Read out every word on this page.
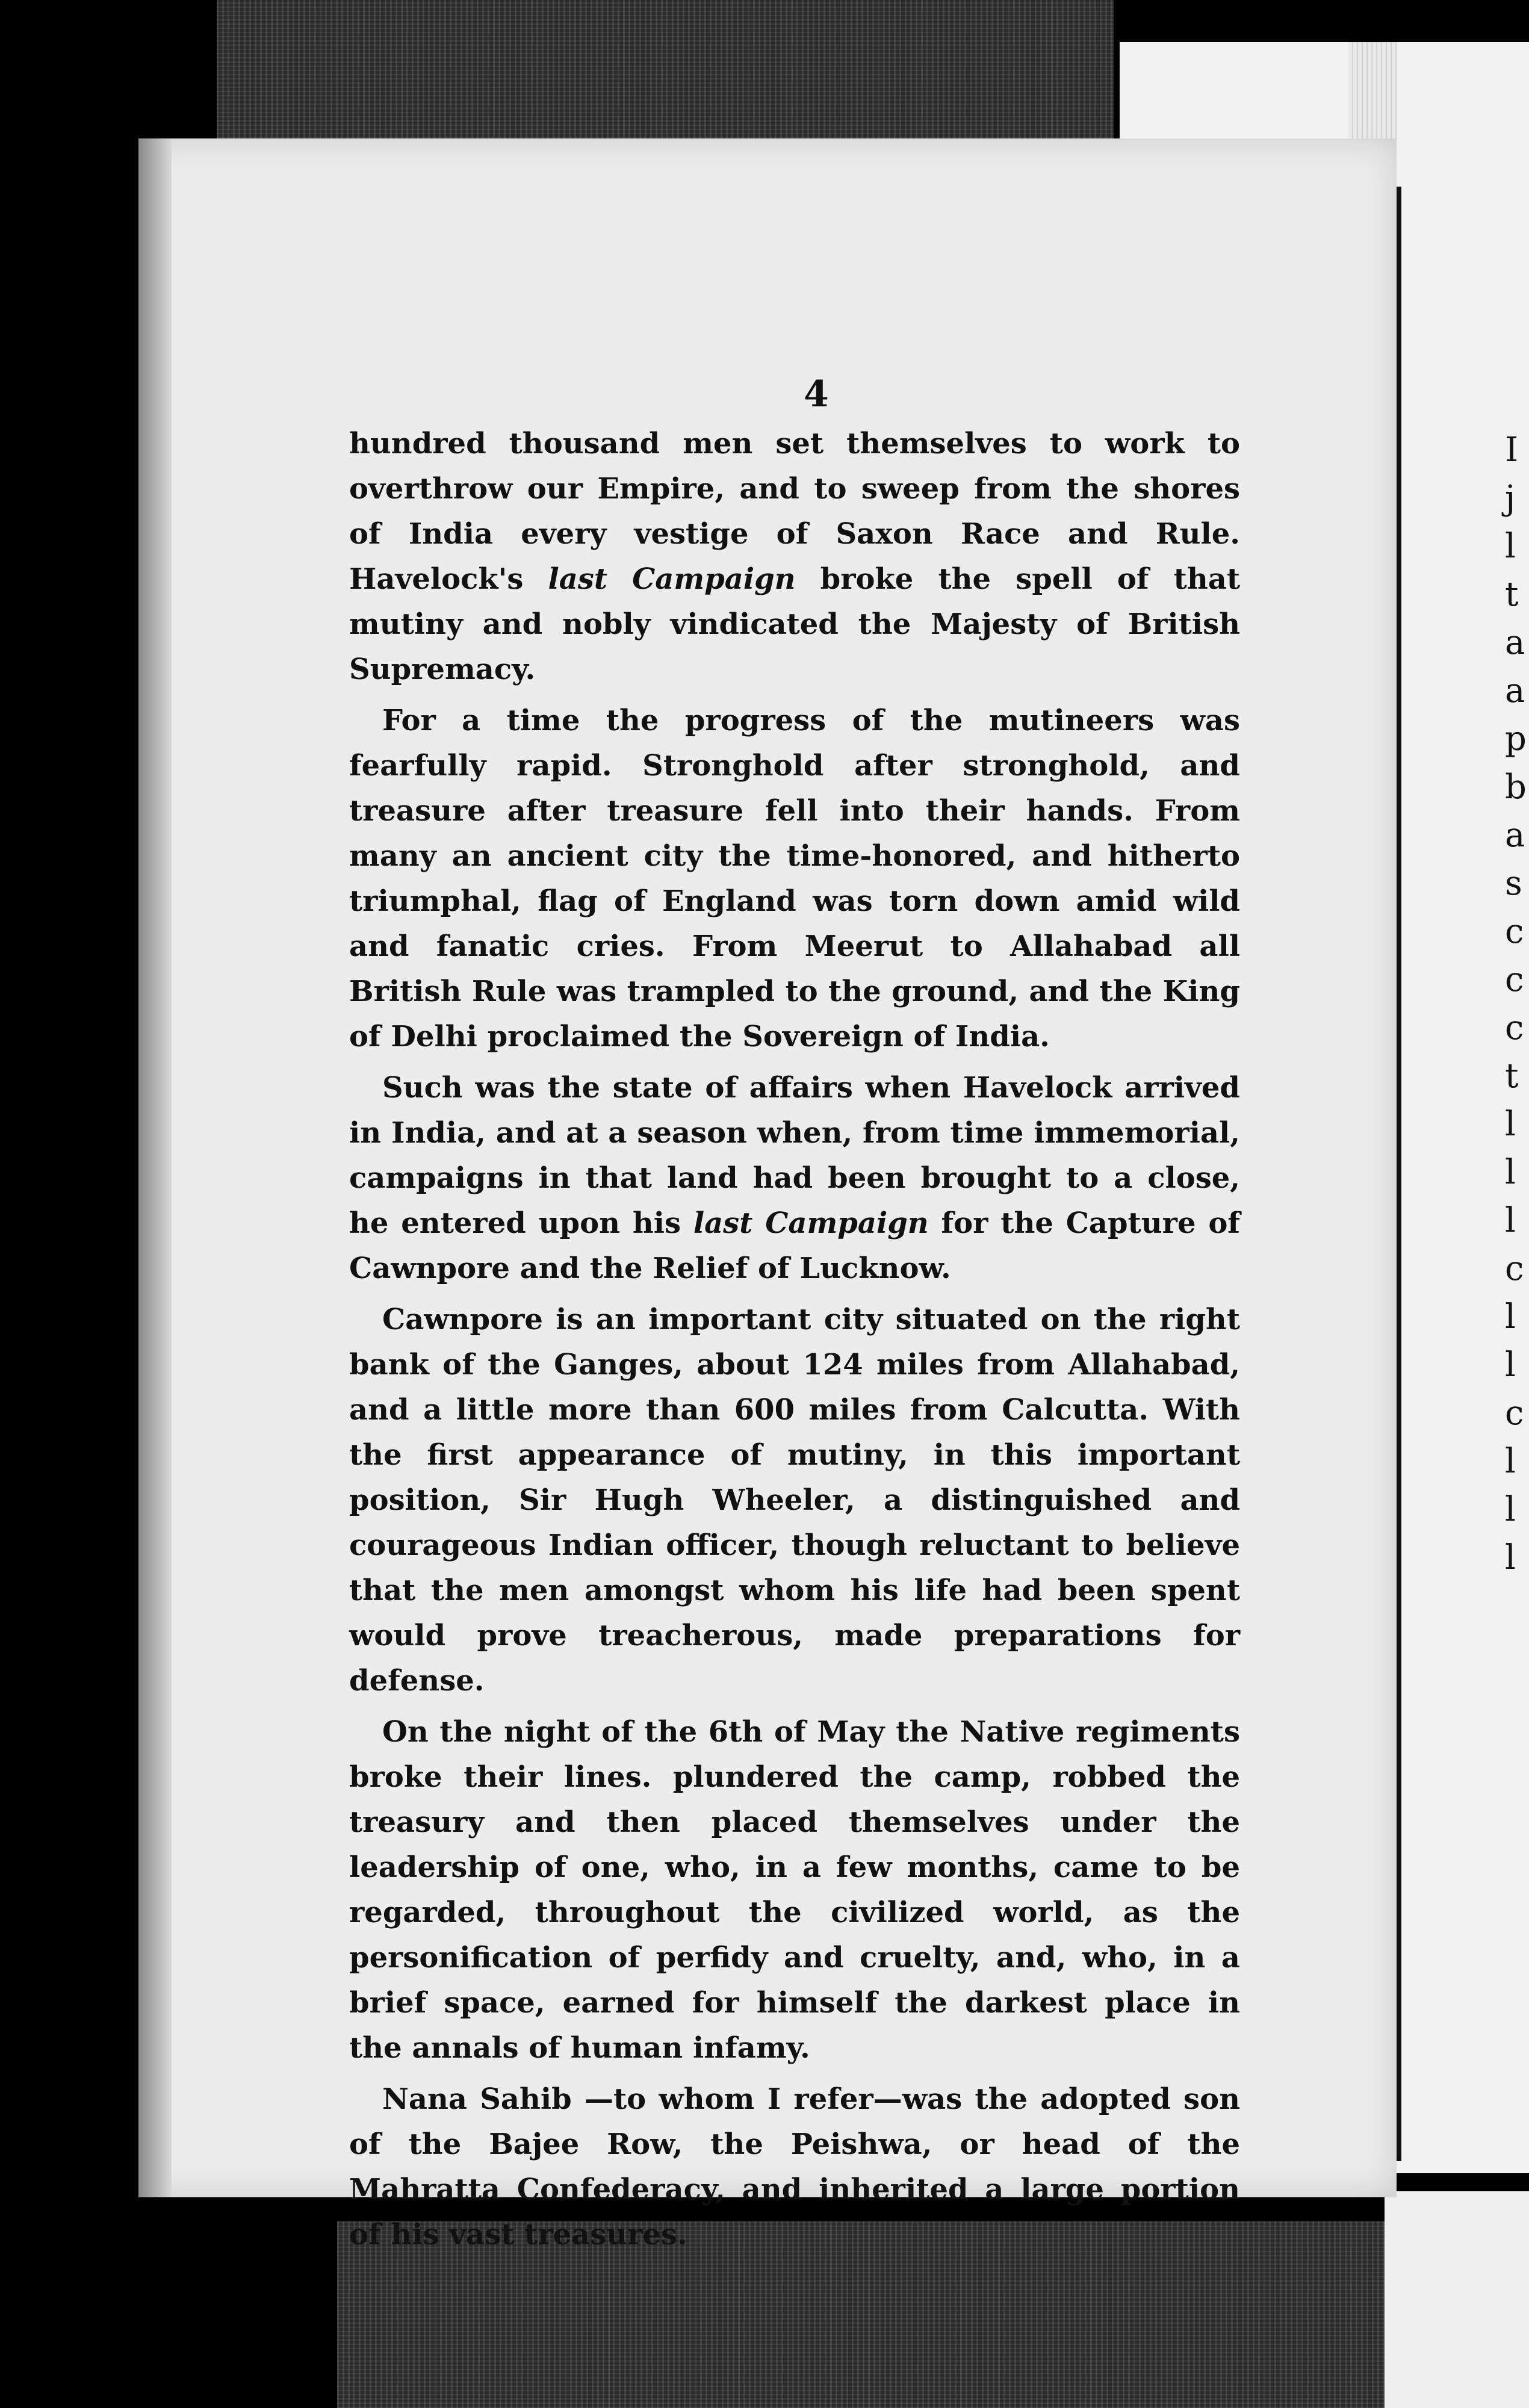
I
j
l
t
a
a
p
b
a
s
c
c
c
t
l
l
l
c
l
l
c
l
l
l
4

hundred thousand men set themselves to work to overthrow our Empire, and to sweep from the shores of India every vestige of Saxon Race and Rule. Havelock's last Campaign broke the spell of that mutiny and nobly vindicated the Majesty of British Supremacy.

For a time the progress of the mutineers was fearfully rapid. Stronghold after stronghold, and treasure after treasure fell into their hands. From many an ancient city the time-honored, and hitherto triumphal, flag of England was torn down amid wild and fanatic cries. From Meerut to Allahabad all British Rule was trampled to the ground, and the King of Delhi proclaimed the Sovereign of India.

Such was the state of affairs when Havelock arrived in India, and at a season when, from time immemorial, campaigns in that land had been brought to a close, he entered upon his last Campaign for the Capture of Cawnpore and the Relief of Lucknow.

Cawnpore is an important city situated on the right bank of the Ganges, about 124 miles from Allahabad, and a little more than 600 miles from Calcutta. With the first appearance of mutiny, in this important position, Sir Hugh Wheeler, a distinguished and courageous Indian officer, though reluctant to believe that the men amongst whom his life had been spent would prove treacherous, made preparations for defense.

On the night of the 6th of May the Native regiments broke their lines. plundered the camp, robbed the treasury and then placed themselves under the leadership of one, who, in a few months, came to be regarded, throughout the civilized world, as the personification of perfidy and cruelty, and, who, in a brief space, earned for himself the darkest place in the annals of human infamy.

Nana Sahib —to whom I refer—was the adopted son of the Bajee Row, the Peishwa, or head of the Mahratta Confederacy, and inherited a large portion of his vast treasures.
